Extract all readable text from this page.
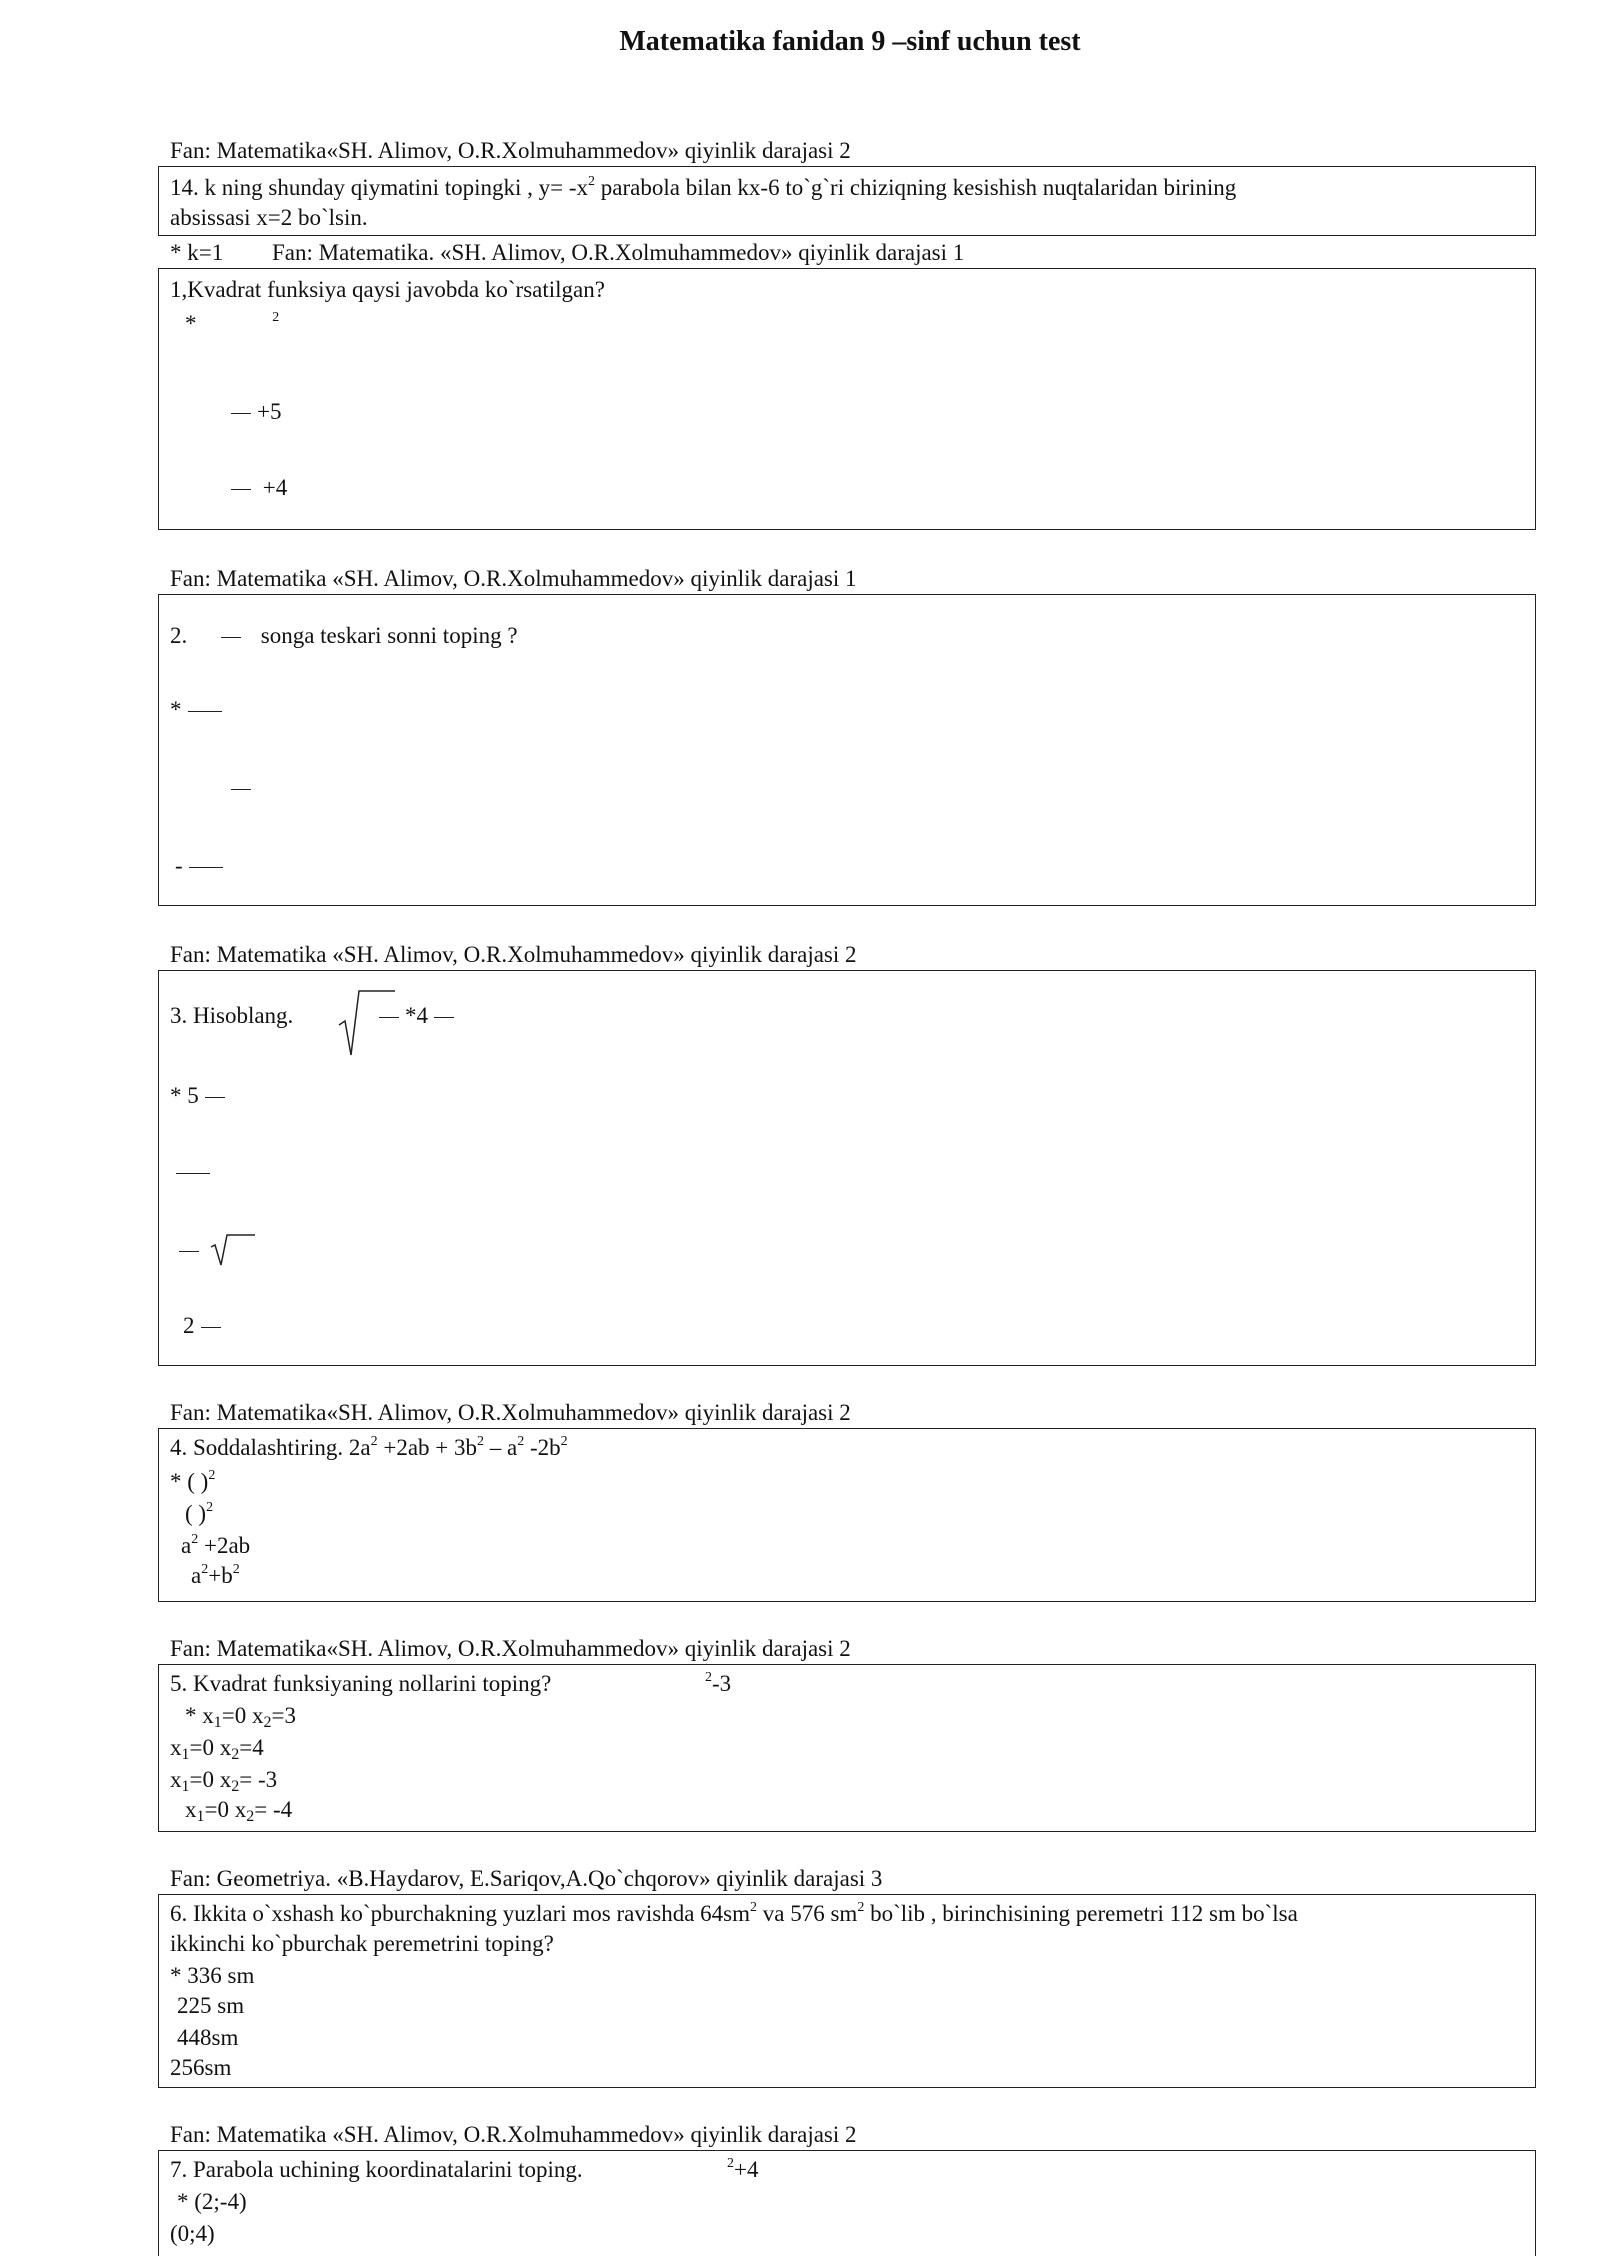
Matematika fanidan 9 –sinf uchun test
Fan: Matematika«SH. Alimov, O.R.Xolmuhammedov» qiyinlik darajasi 2
14. k ning shunday qiymatini topingki , $y= -x^2$ parabola bilan kx-6 to`g`ri chiziqning kesishish nuqtalaridan birining
absissasi x=2 bo`lsin.
* k=1 Fan: Matematika. «SH. Alimov, O.R.Xolmuhammedov» qiyinlik darajasi 1
1,Kvadrat funksiya qaysi javobda ko`rsatilgan?
*	$^2$
+5
+4
Fan: Matematika «SH. Alimov, O.R.Xolmuhammedov» qiyinlik darajasi 1
2.	songa teskari sonni toping ?
*
-
Fan: Matematika «SH. Alimov, O.R.Xolmuhammedov» qiyinlik darajasi 2
3. Hisoblang.	*4
* 5
2
Fan: Matematika«SH. Alimov, O.R.Xolmuhammedov» qiyinlik darajasi 2
4. Soddalashtiring. $2a^2 +2ab + 3b^2 - a^2$ $-2b^2$
* ( )$^2$
( )$^2$
$a^2 +2ab$
$a^2+b^2$
Fan: Matematika«SH. Alimov, O.R.Xolmuhammedov» qiyinlik darajasi 2
5. Kvadrat funksiyaning nollarini toping?	$^2$-3
* x1=0 x2=3
x1=0 x2=4
x1=0 x2= -3
x1=0 x2= -4
Fan: Geometriya. «B.Haydarov, E.Sariqov,A.Qo`chqorov» qiyinlik darajasi 3
6. Ikkita o`xshash ko`pburchakning yuzlari mos ravishda $64sm^2$ va 576 $sm^2$ bo`lib , birinchisining peremetri 112 sm bo`lsa
ikkinchi ko`pburchak peremetrini toping?
* 336 sm
225 sm
448sm
256sm
Fan: Matematika «SH. Alimov, O.R.Xolmuhammedov» qiyinlik darajasi 2
7. Parabola uchining koordinatalarini toping.	$^2$+4
* (2;-4)
(0;4)
